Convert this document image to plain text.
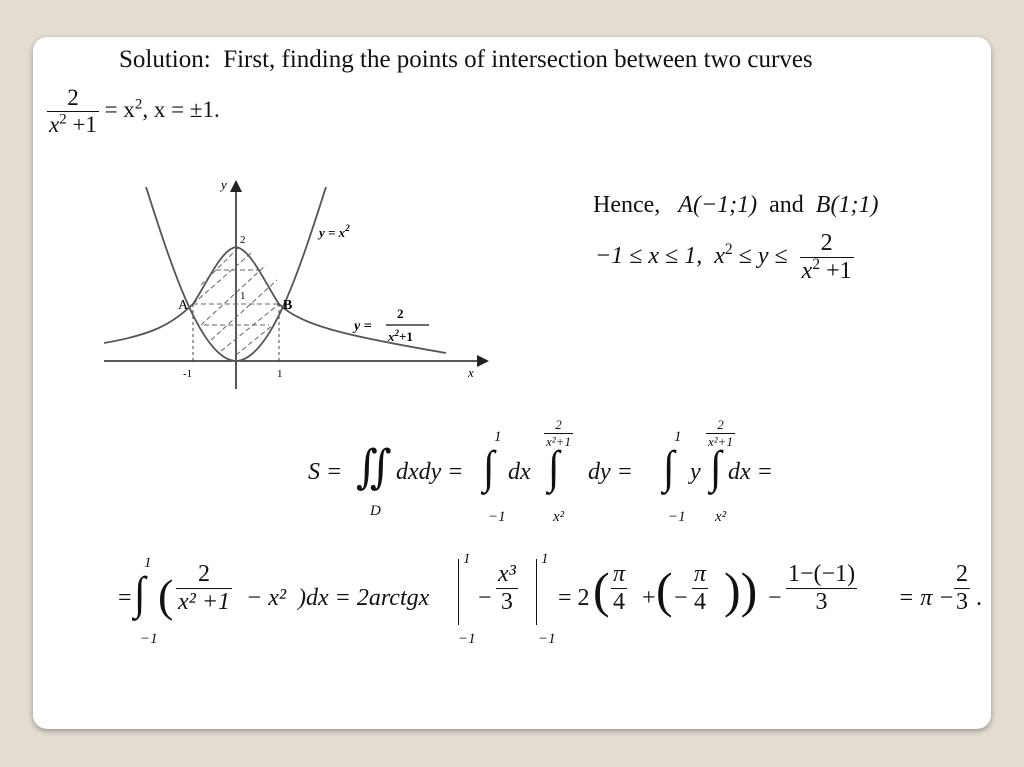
Solution: First, finding the points of intersection between two curves
$\frac{2}{x^2 +1} = x^2$, x = ±1.
y
x
2
1
-1	1
A	B
$y = x^2$
y =
2
$x^2+1$
Hence, A(−1;1) and B(1;1)
−1 ≤ x ≤ 1, $x^2 \le y \le \frac{2}{x^2 +1}$
S = ∬
D
dxdy = ∫
1
−1
dx ∫
$\frac{2}{\text{x²+1}}$
x²
dy = ∫
1
−1
y ∫
$\frac{2}{\text{x²+1}}$
x²
dx =
= ∫
1
−1
( $\frac{2}{\text{x² +1}} - x^2$ )dx = 2arctgx
1
−1
− $\frac{\text{x³}}{3}$
1
−1
= 2 ( $\frac{\pi}{4}$ + ( − $\frac{\pi}{4}$ )) − $\frac{1-(-1)}{3} = \pi - \frac{2}{3}$ .
